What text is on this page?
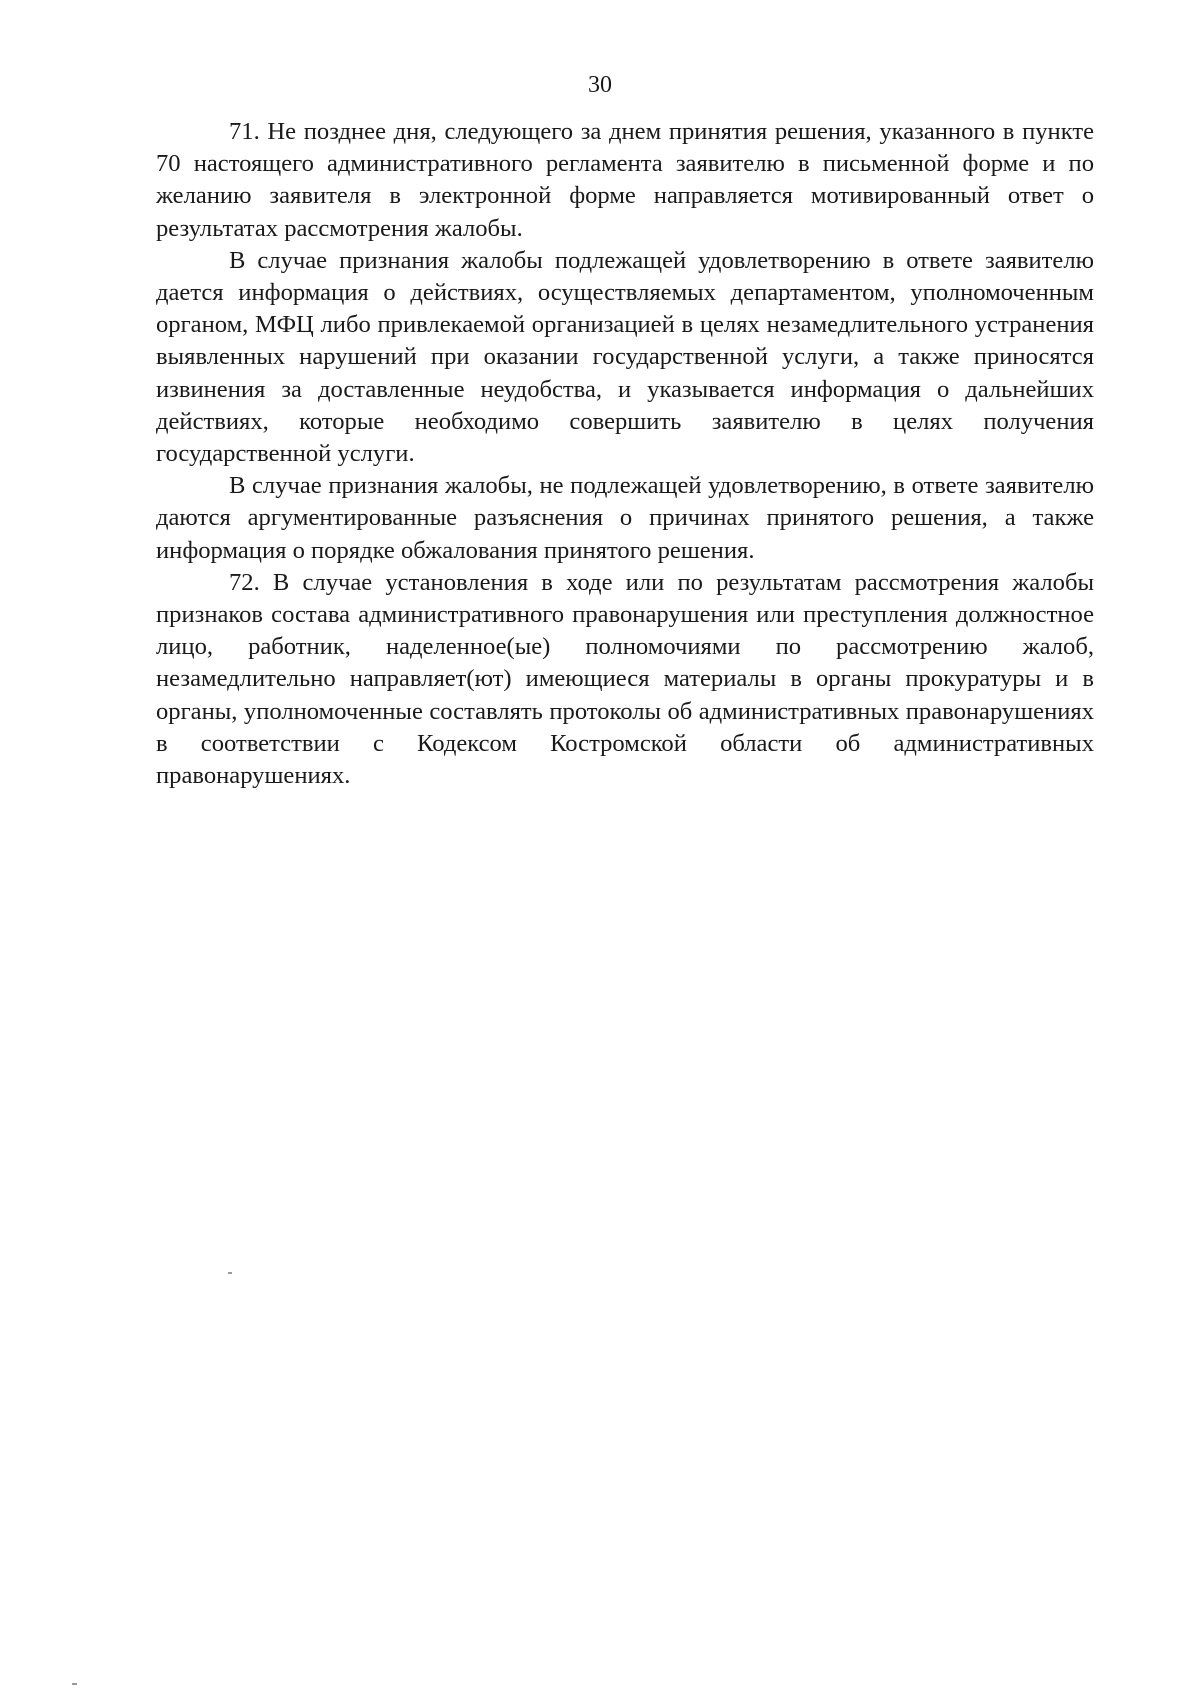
30

71. Не позднее дня, следующего за днем принятия решения, указанного в пункте 70 настоящего административного регламента заявителю в письменной форме и по желанию заявителя в электронной форме направляется мотивированный ответ о результатах рассмотрения жалобы.

В случае признания жалобы подлежащей удовлетворению в ответе заявителю дается информация о действиях, осуществляемых департаментом, уполномоченным органом, МФЦ либо привлекаемой организацией в целях незамедлительного устранения выявленных нарушений при оказании государственной услуги, а также приносятся извинения за доставленные неудобства, и указывается информация о дальнейших действиях, которые необходимо совершить заявителю в целях получения государственной услуги.

В случае признания жалобы, не подлежащей удовлетворению, в ответе заявителю даются аргументированные разъяснения о причинах принятого решения, а также информация о порядке обжалования принятого решения.

72. В случае установления в ходе или по результатам рассмотрения жалобы признаков состава административного правонарушения или преступления должностное лицо, работник, наделенное(ые) полномочиями по рассмотрению жалоб, незамедлительно направляет(ют) имеющиеся материалы в органы прокуратуры и в органы, уполномоченные составлять протоколы об административных правонарушениях в соответствии с Кодексом Костромской области об административных правонарушениях.
